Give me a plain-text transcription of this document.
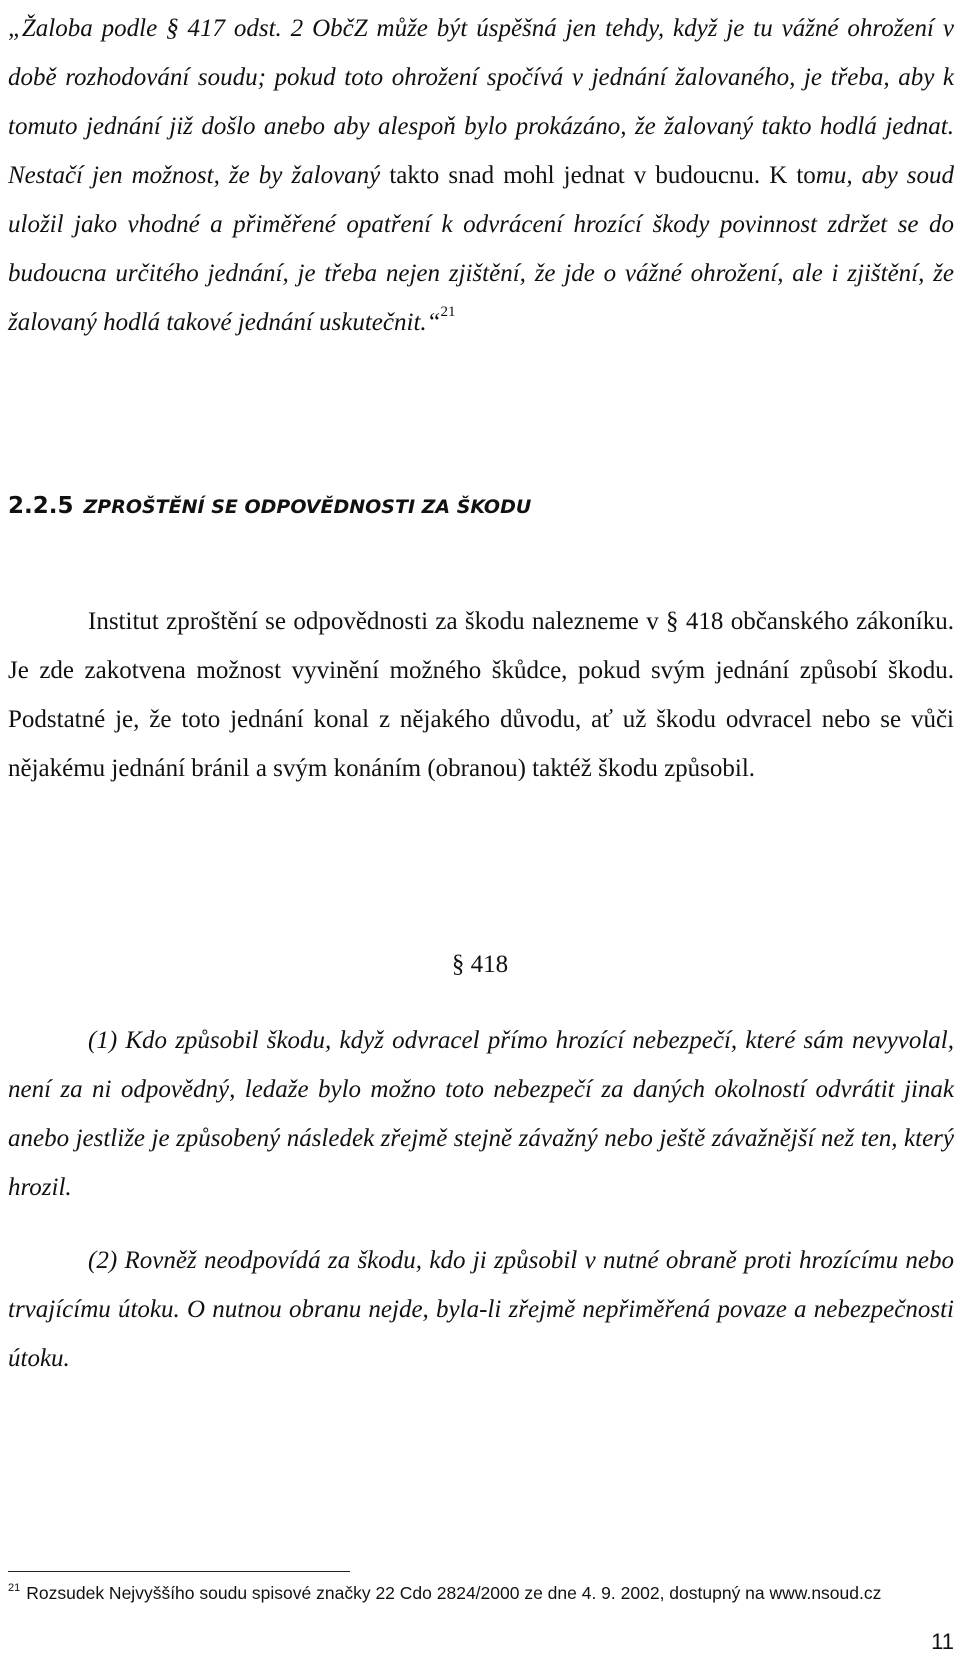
„Žaloba podle § 417 odst. 2 ObčZ může být úspěšná jen tehdy, když je tu vážné ohrožení v době rozhodování soudu; pokud toto ohrožení spočívá v jednání žalovaného, je třeba, aby k tomuto jednání již došlo anebo aby alespoň bylo prokázáno, že žalovaný takto hodlá jednat. Nestačí jen možnost, že by žalovaný takto snad mohl jednat v budoucnu. K tomu, aby soud uložil jako vhodné a přiměřené opatření k odvrácení hrozící škody povinnost zdržet se do budoucna určitého jednání, je třeba nejen zjištění, že jde o vážné ohrožení, ale i zjištění, že žalovaný hodlá takové jednání uskutečnit.“$^{21}$

2.2.5 ZPROŠTĚNÍ SE ODPOVĚDNOSTI ZA ŠKODU

Institut zproštění se odpovědnosti za škodu nalezneme v § 418 občanského zákoníku. Je zde zakotvena možnost vyvinění možného škůdce, pokud svým jednání způsobí škodu. Podstatné je, že toto jednání konal z nějakého důvodu, ať už škodu odvracel nebo se vůči nějakému jednání bránil a svým konáním (obranou) taktéž škodu způsobil.

§ 418

(1) Kdo způsobil škodu, když odvracel přímo hrozící nebezpečí, které sám nevyvolal, není za ni odpovědný, ledaže bylo možno toto nebezpečí za daných okolností odvrátit jinak anebo jestliže je způsobený následek zřejmě stejně závažný nebo ještě závažnější než ten, který hrozil.

(2) Rovněž neodpovídá za škodu, kdo ji způsobil v nutné obraně proti hrozícímu nebo trvajícímu útoku. O nutnou obranu nejde, byla-li zřejmě nepřiměřená povaze a nebezpečnosti útoku.

$^{21}$ Rozsudek Nejvyššího soudu spisové značky 22 Cdo 2824/2000 ze dne 4. 9. 2002, dostupný na www.nsoud.cz

11
